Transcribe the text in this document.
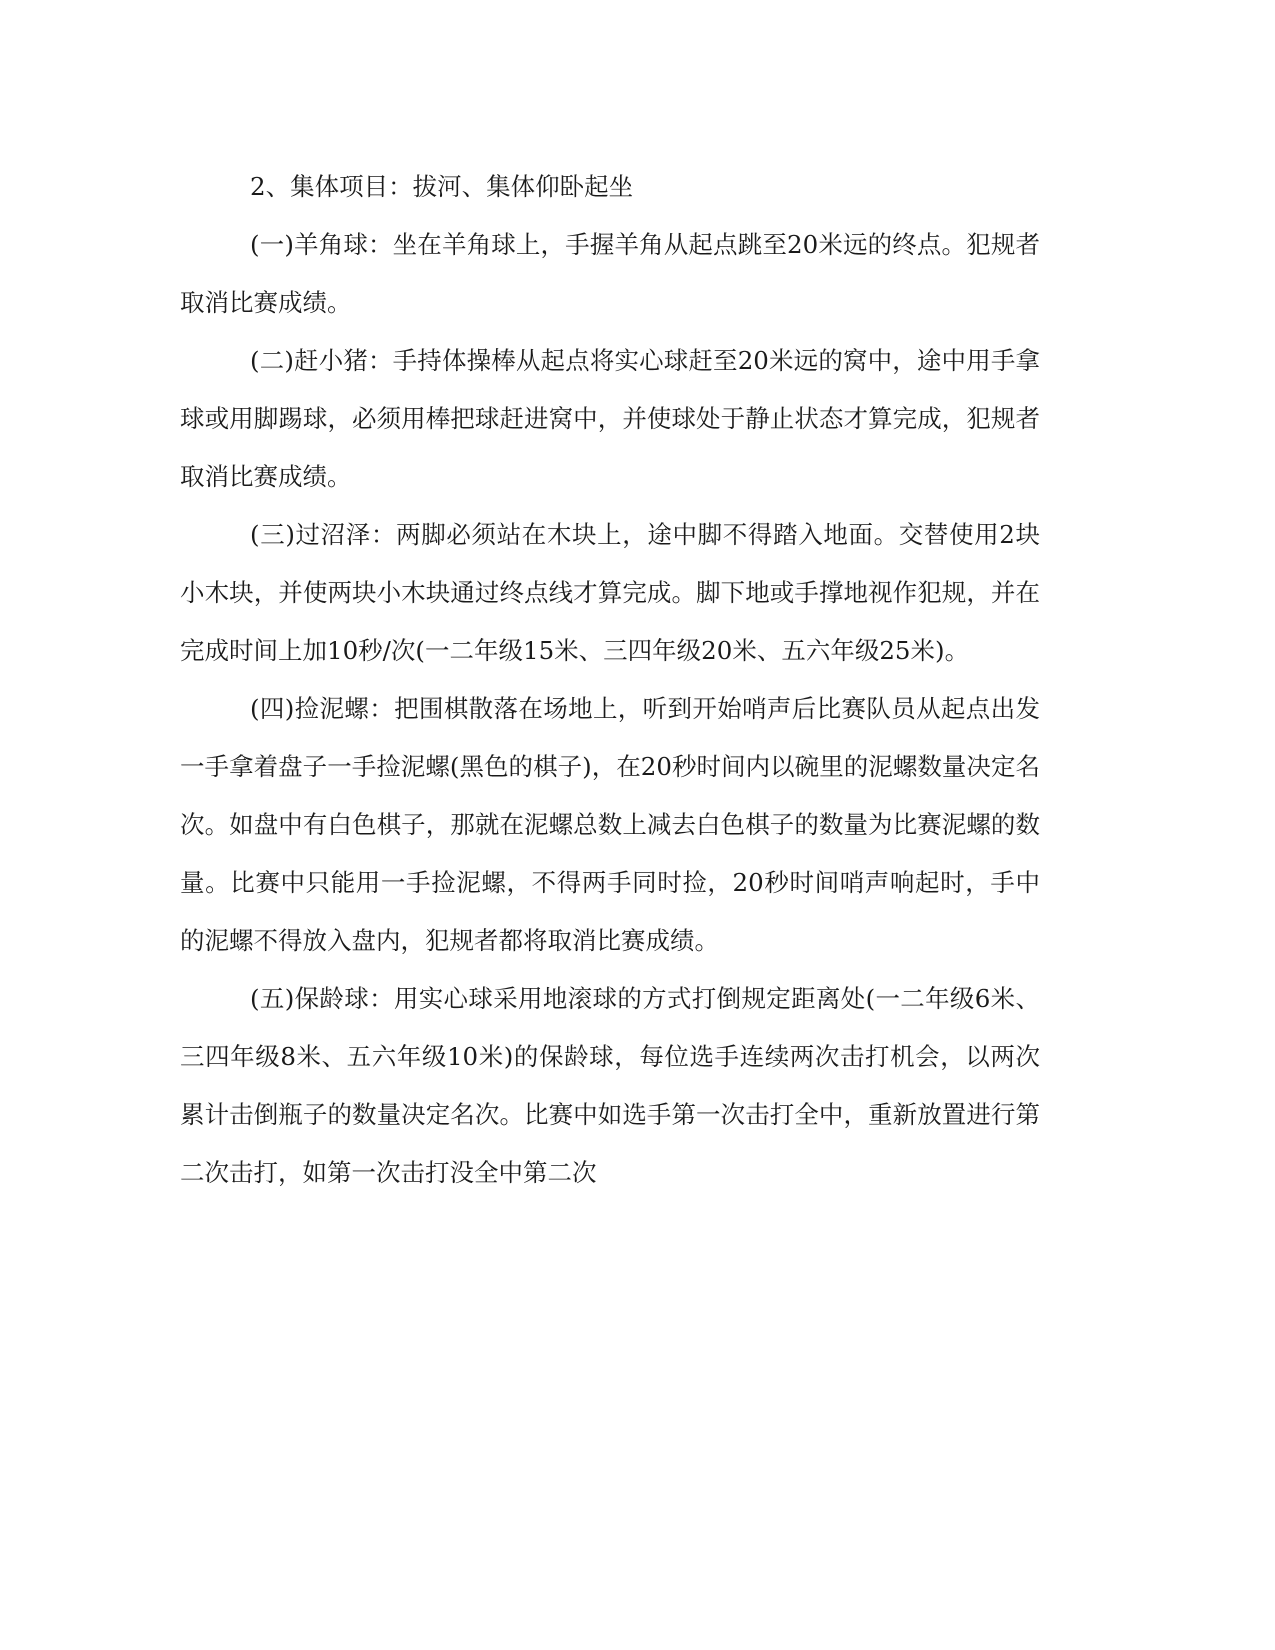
2、集体项目：拔河、集体仰卧起坐

(一)羊角球：坐在羊角球上，手握羊角从起点跳至20米远的终点。犯规者取消比赛成绩。

(二)赶小猪：手持体操棒从起点将实心球赶至20米远的窝中，途中用手拿球或用脚踢球，必须用棒把球赶进窝中，并使球处于静止状态才算完成，犯规者取消比赛成绩。

(三)过沼泽：两脚必须站在木块上，途中脚不得踏入地面。交替使用2块小木块，并使两块小木块通过终点线才算完成。脚下地或手撑地视作犯规，并在完成时间上加10秒/次(一二年级15米、三四年级20米、五六年级25米)。

(四)捡泥螺：把围棋散落在场地上，听到开始哨声后比赛队员从起点出发一手拿着盘子一手捡泥螺(黑色的棋子)，在20秒时间内以碗里的泥螺数量决定名次。如盘中有白色棋子，那就在泥螺总数上减去白色棋子的数量为比赛泥螺的数量。比赛中只能用一手捡泥螺，不得两手同时捡，20秒时间哨声响起时，手中的泥螺不得放入盘内，犯规者都将取消比赛成绩。

(五)保龄球：用实心球采用地滚球的方式打倒规定距离处(一二年级6米、三四年级8米、五六年级10米)的保龄球，每位选手连续两次击打机会，以两次累计击倒瓶子的数量决定名次。比赛中如选手第一次击打全中，重新放置进行第二次击打，如第一次击打没全中第二次
